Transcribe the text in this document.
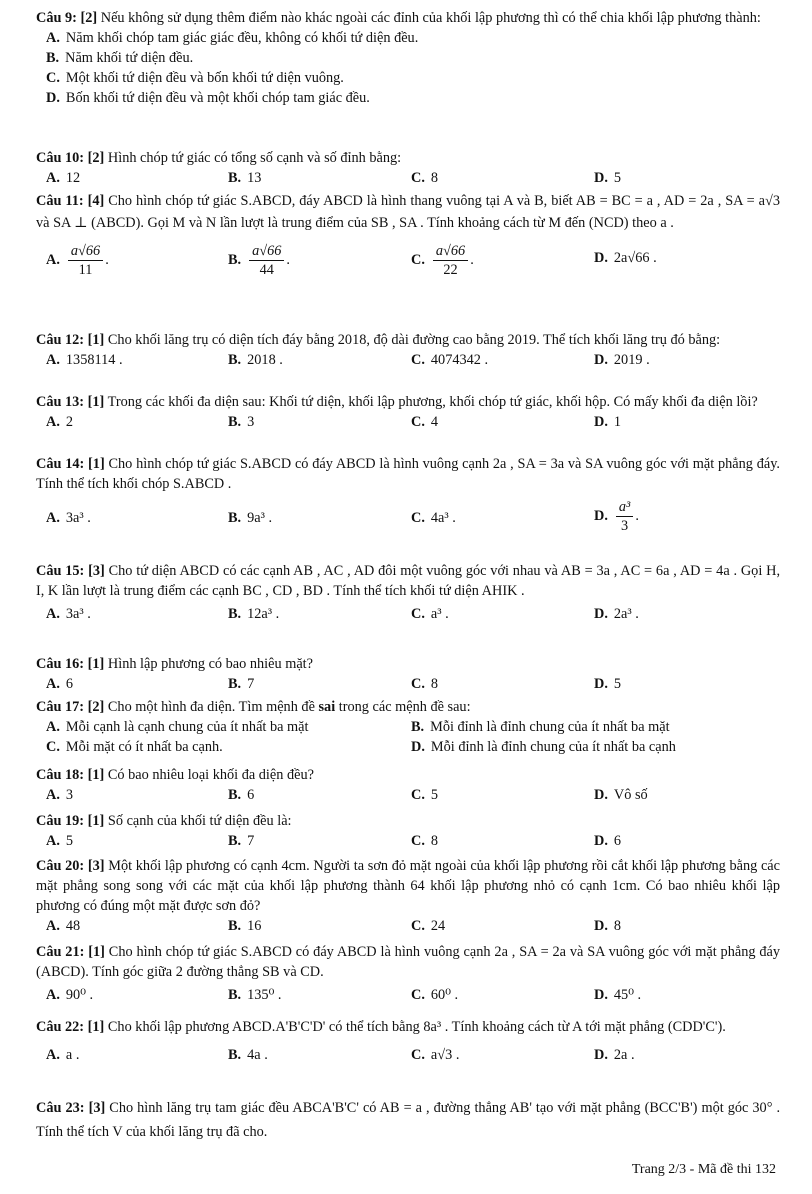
Câu 9: [2] Nếu không sử dụng thêm điểm nào khác ngoài các đỉnh của khối lập phương thì có thể chia khối lập phương thành:
A. Năm khối chóp tam giác giác đều, không có khối tứ diện đều.
B. Năm khối tứ diện đều.
C. Một khối tứ diện đều và bốn khối tứ diện vuông.
D. Bốn khối tứ diện đều và một khối chóp tam giác đều.
Câu 10: [2] Hình chóp tứ giác có tổng số cạnh và số đỉnh bằng:
A. 12	B. 13	C. 8	D. 5
Câu 11: [4] Cho hình chóp tứ giác S.ABCD, đáy ABCD là hình thang vuông tại A và B, biết AB = BC = a , AD = 2a , SA = a√3 và SA ⊥ (ABCD). Gọi M và N lần lượt là trung điểm của SB , SA . Tính khoảng cách từ M đến (NCD) theo a .
A. $\frac{a√66}{11}$ .	B. $\frac{a√66}{44}$ .	C. $\frac{a√66}{22}$ .	D. 2a√66 .
Câu 12: [1] Cho khối lăng trụ có diện tích đáy bằng 2018, độ dài đường cao bằng 2019. Thể tích khối lăng trụ đó bằng:
A. 1358114 .	B. 2018 .	C. 4074342 .	D. 2019 .
Câu 13: [1] Trong các khối đa diện sau: Khối tứ diện, khối lập phương, khối chóp tứ giác, khối hộp. Có mấy khối đa diện lồi?
A. 2	B. 3	C. 4	D. 1
Câu 14: [1] Cho hình chóp tứ giác S.ABCD có đáy ABCD là hình vuông cạnh 2a , SA = 3a và SA vuông góc với mặt phẳng đáy. Tính thể tích khối chóp S.ABCD .
A. 3a³ .	B. 9a³ .	C. 4a³ .	D. $\frac{\text{a³}}{3}$ .
Câu 15: [3] Cho tứ diện ABCD có các cạnh AB , AC , AD đôi một vuông góc với nhau và AB = 3a , AC = 6a , AD = 4a . Gọi H, I, K lần lượt là trung điểm các cạnh BC , CD , BD . Tính thể tích khối tứ diện AHIK .
A. 3a³ .	B. 12a³ .	C. a³ .	D. 2a³ .
Câu 16: [1] Hình lập phương có bao nhiêu mặt?
A. 6	B. 7	C. 8	D. 5
Câu 17: [2] Cho một hình đa diện. Tìm mệnh đề sai trong các mệnh đề sau:
A. Mỗi cạnh là cạnh chung của ít nhất ba mặt	B. Mỗi đỉnh là đỉnh chung của ít nhất ba mặt
C. Mỗi mặt có ít nhất ba cạnh.	D. Mỗi đỉnh là đỉnh chung của ít nhất ba cạnh
Câu 18: [1] Có bao nhiêu loại khối đa diện đều?
A. 3	B. 6	C. 5	D. Vô số
Câu 19: [1] Số cạnh của khối tứ diện đều là:
A. 5	B. 7	C. 8	D. 6
Câu 20: [3] Một khối lập phương có cạnh 4cm. Người ta sơn đỏ mặt ngoài của khối lập phương rồi cắt khối lập phương bằng các mặt phẳng song song với các mặt của khối lập phương thành 64 khối lập phương nhỏ có cạnh 1cm. Có bao nhiêu khối lập phương có đúng một mặt được sơn đỏ?
A. 48	B. 16	C. 24	D. 8
Câu 21: [1] Cho hình chóp tứ giác S.ABCD có đáy ABCD là hình vuông cạnh 2a , SA = 2a và SA vuông góc với mặt phẳng đáy (ABCD). Tính góc giữa 2 đường thẳng SB và CD.
A. 90⁰ .	B. 135⁰ .	C. 60⁰ .	D. 45⁰ .
Câu 22: [1] Cho khối lập phương ABCD.A'B'C'D' có thể tích bằng 8a³ . Tính khoảng cách từ A tới mặt phẳng (CDD'C').
A. a .	B. 4a .	C. a√3 .	D. 2a .
Câu 23: [3] Cho hình lăng trụ tam giác đều ABCA'B'C' có AB = a , đường thẳng AB' tạo với mặt phẳng (BCC'B') một góc 30° . Tính thể tích V của khối lăng trụ đã cho.
Trang 2/3 - Mã đề thi 132
